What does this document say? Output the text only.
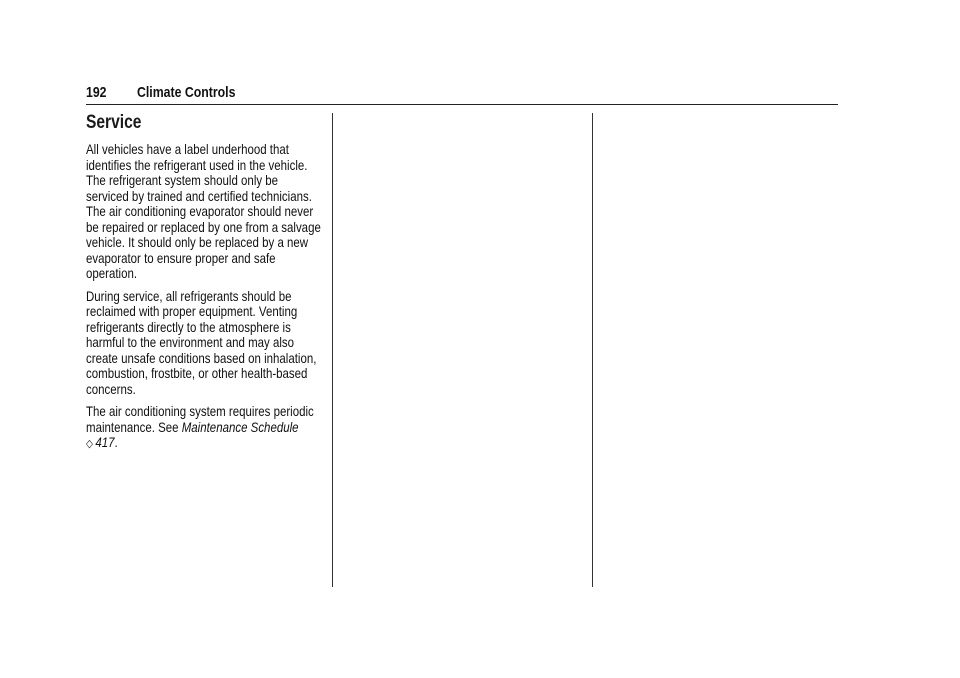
192 Climate Controls
Service

All vehicles have a label underhood that identifies the refrigerant used in the vehicle. The refrigerant system should only be serviced by trained and certified technicians. The air conditioning evaporator should never be repaired or replaced by one from a salvage vehicle. It should only be replaced by a new evaporator to ensure proper and safe operation.

During service, all refrigerants should be reclaimed with proper equipment. Venting refrigerants directly to the atmosphere is harmful to the environment and may also create unsafe conditions based on inhalation, combustion, frostbite, or other health-based concerns.

The air conditioning system requires periodic maintenance. See Maintenance Schedule
◇ 417.
